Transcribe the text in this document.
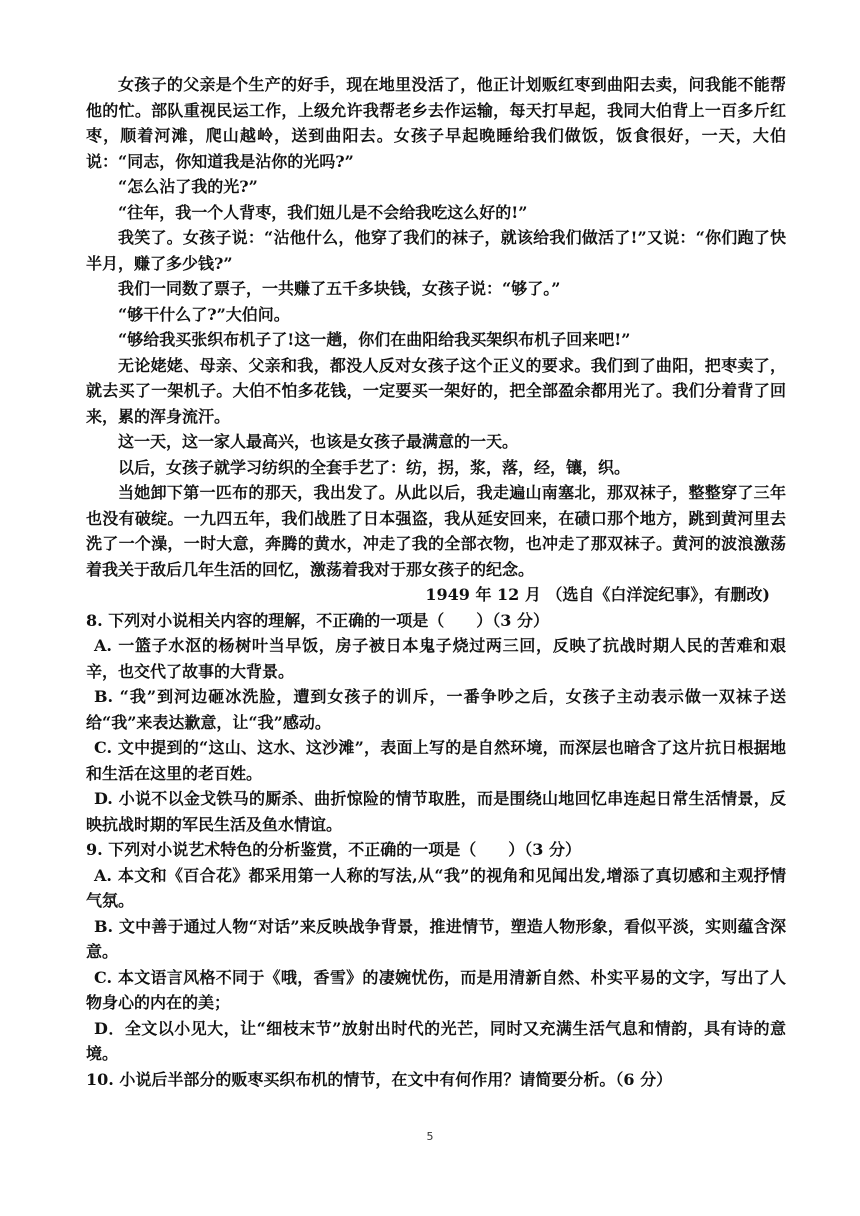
女孩子的父亲是个生产的好手，现在地里没活了，他正计划贩红枣到曲阳去卖，问我能不能帮他的忙。部队重视民运工作，上级允许我帮老乡去作运输，每天打早起，我同大伯背上一百多斤红枣，顺着河滩，爬山越岭，送到曲阳去。女孩子早起晚睡给我们做饭，饭食很好，一天，大伯说：“同志，你知道我是沾你的光吗?”

“怎么沾了我的光?”

“往年，我一个人背枣，我们妞儿是不会给我吃这么好的!”

我笑了。女孩子说：“沾他什么，他穿了我们的袜子，就该给我们做活了!”又说：“你们跑了快半月，赚了多少钱?”

我们一同数了票子，一共赚了五千多块钱，女孩子说：“够了。”

“够干什么了?”大伯问。

“够给我买张织布机子了!这一趟，你们在曲阳给我买架织布机子回来吧!”

无论姥姥、母亲、父亲和我，都没人反对女孩子这个正义的要求。我们到了曲阳，把枣卖了，就去买了一架机子。大伯不怕多花钱，一定要买一架好的，把全部盈余都用光了。我们分着背了回来，累的浑身流汗。

这一天，这一家人最高兴，也该是女孩子最满意的一天。

以后，女孩子就学习纺织的全套手艺了：纺，拐，浆，落，经，镶，织。

当她卸下第一匹布的那天，我出发了。从此以后，我走遍山南塞北，那双袜子，整整穿了三年也没有破绽。一九四五年，我们战胜了日本强盗，我从延安回来，在碛口那个地方，跳到黄河里去洗了一个澡，一时大意，奔腾的黄水，冲走了我的全部衣物，也冲走了那双袜子。黄河的波浪激荡着我关于敌后几年生活的回忆，激荡着我对于那女孩子的纪念。

1949 年 12 月 （选自《白洋淀纪事》，有删改)

8. 下列对小说相关内容的理解，不正确的一项是（　　）（3 分）

A. 一篮子水沤的杨树叶当早饭，房子被日本鬼子烧过两三回，反映了抗战时期人民的苦难和艰辛，也交代了故事的大背景。

B. “我”到河边砸冰洗脸，遭到女孩子的训斥，一番争吵之后，女孩子主动表示做一双袜子送给“我”来表达歉意，让“我”感动。

C. 文中提到的“这山、这水、这沙滩”，表面上写的是自然环境，而深层也暗含了这片抗日根据地和生活在这里的老百姓。

D. 小说不以金戈铁马的厮杀、曲折惊险的情节取胜，而是围绕山地回忆串连起日常生活情景，反映抗战时期的军民生活及鱼水情谊。

9. 下列对小说艺术特色的分析鉴赏，不正确的一项是（　　）（3 分）

A. 本文和《百合花》都采用第一人称的写法,从“我”的视角和见闻出发,增添了真切感和主观抒情气氛。

B. 文中善于通过人物“对话”来反映战争背景，推进情节，塑造人物形象，看似平淡，实则蕴含深意。

C. 本文语言风格不同于《哦，香雪》的凄婉忧伤，而是用清新自然、朴实平易的文字，写出了人物身心的内在的美；

D．全文以小见大，让“细枝末节”放射出时代的光芒，同时又充满生活气息和情韵，具有诗的意境。

10. 小说后半部分的贩枣买织布机的情节，在文中有何作用？请简要分析。（6 分）

5
